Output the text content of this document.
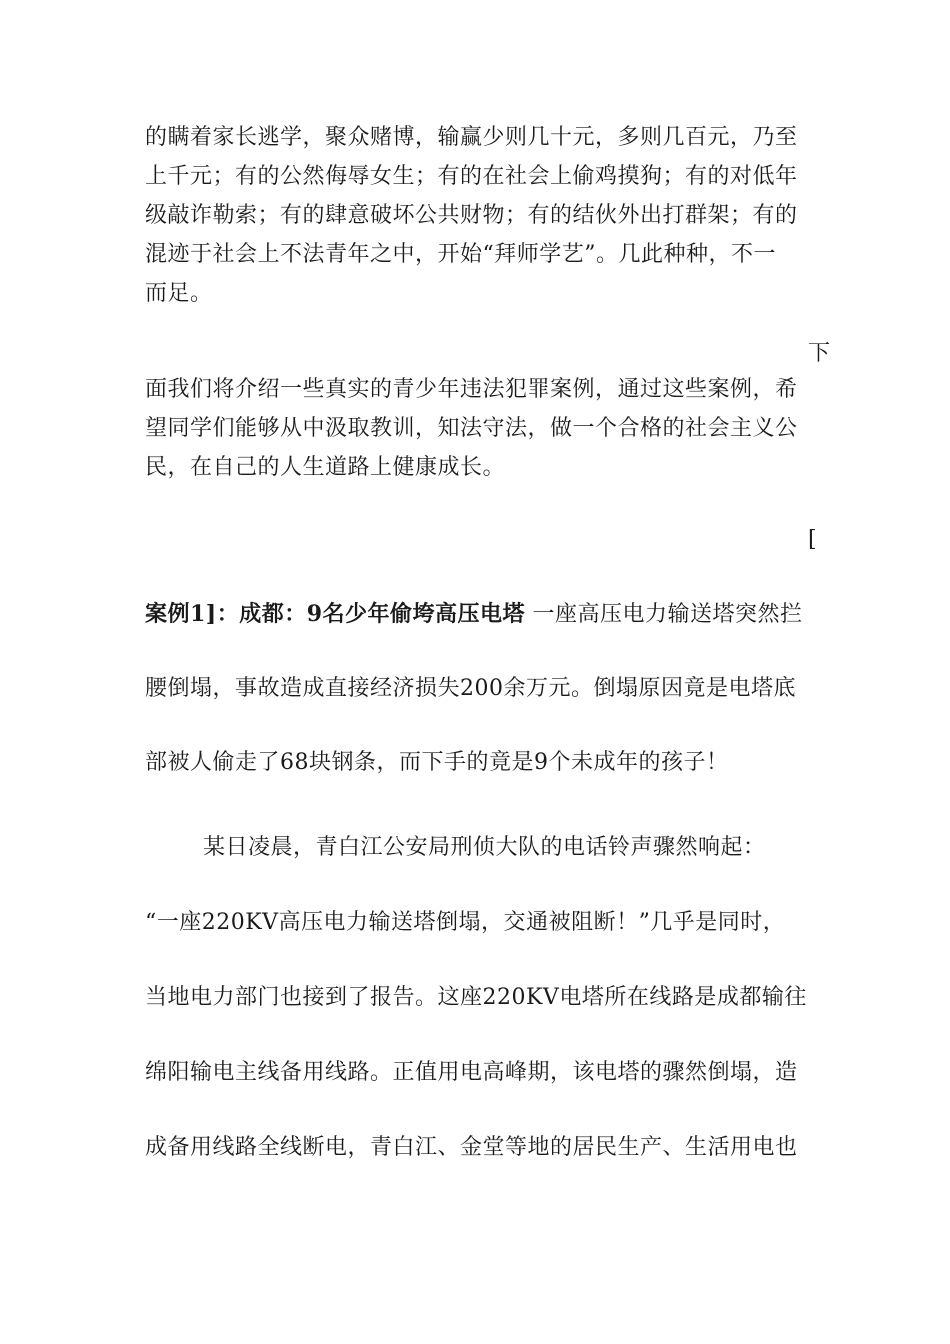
的瞒着家长逃学，聚众赌博，输赢少则几十元，多则几百元，乃至
上千元；有的公然侮辱女生；有的在社会上偷鸡摸狗；有的对低年
级敲诈勒索；有的肆意破坏公共财物；有的结伙外出打群架；有的
混迹于社会上不法青年之中，开始“拜师学艺”。几此种种，不一
而足。
下
面我们将介绍一些真实的青少年违法犯罪案例，通过这些案例，希
望同学们能够从中汲取教训，知法守法，做一个合格的社会主义公
民，在自己的人生道路上健康成长。
[
案例1]：成都：9名少年偷垮高压电塔 一座高压电力输送塔突然拦
腰倒塌，事故造成直接经济损失200余万元。倒塌原因竟是电塔底
部被人偷走了68块钢条，而下手的竟是9个未成年的孩子！
某日凌晨，青白江公安局刑侦大队的电话铃声骤然响起：
“一座220KV高压电力输送塔倒塌，交通被阻断！”几乎是同时，
当地电力部门也接到了报告。这座220KV电塔所在线路是成都输往
绵阳输电主线备用线路。正值用电高峰期，该电塔的骤然倒塌，造
成备用线路全线断电，青白江、金堂等地的居民生产、生活用电也
